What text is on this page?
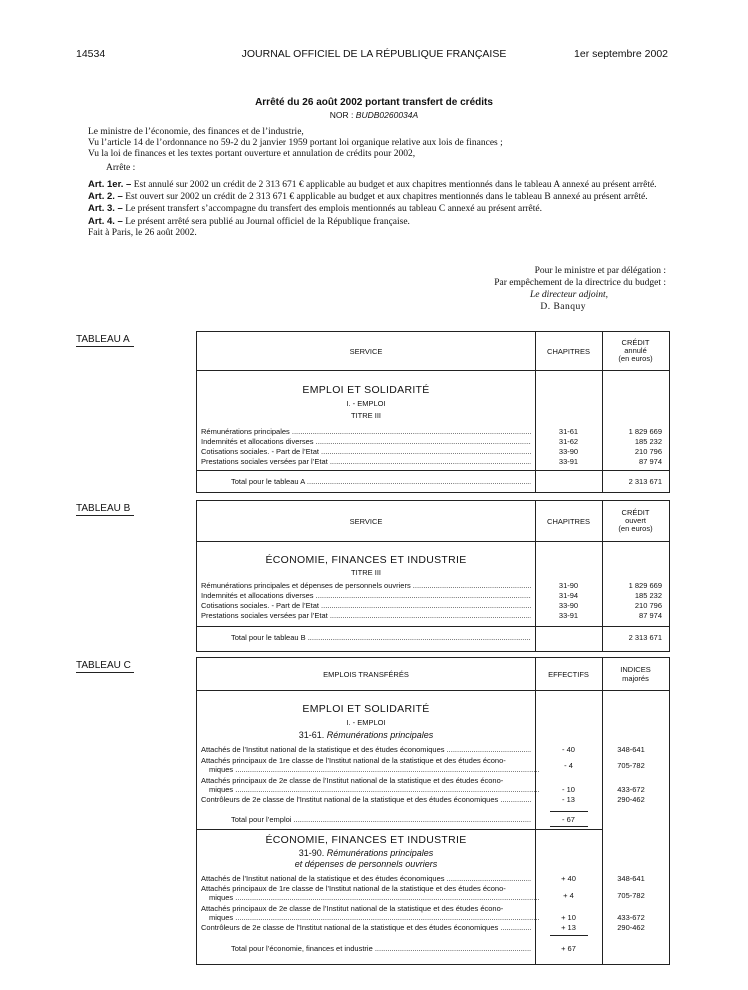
14534	JOURNAL OFFICIEL DE LA RÉPUBLIQUE FRANÇAISE	1er septembre 2002
Arrêté du 26 août 2002 portant transfert de crédits
NOR : BUDB0260034A
Le ministre de l’économie, des finances et de l’industrie,
Vu l’article 14 de l’ordonnance no 59-2 du 2 janvier 1959 portant loi organique relative aux lois de finances ;
Vu la loi de finances et les textes portant ouverture et annulation de crédits pour 2002,
Arrête :
Art. 1er. – Est annulé sur 2002 un crédit de 2 313 671 € applicable au budget et aux chapitres mentionnés dans le tableau A annexé au présent arrêté.
Art. 2. – Est ouvert sur 2002 un crédit de 2 313 671 € applicable au budget et aux chapitres mentionnés dans le tableau B annexé au présent arrêté.
Art. 3. – Le présent transfert s’accompagne du transfert des emplois mentionnés au tableau C annexé au présent arrêté.
Art. 4. – Le présent arrêté sera publié au Journal officiel de la République française.
Fait à Paris, le 26 août 2002.
Pour le ministre et par délégation :
Par empêchement de la directrice du budget :
Le directeur adjoint,
D. Banquy
TABLEAU A
SERVICE	CHAPITRES
CRÉDIT
annulé
(en euros)
EMPLOI ET SOLIDARITÉ
I. - EMPLOI
TITRE III
Rémunérations principales .....	31-61	1 829 669
Indemnités et allocations diverses .....	31-62	185 232
Cotisations sociales. - Part de l’Etat .....	33-90	210 796
Prestations sociales versées par l’Etat .....	33-91	87 974
Total pour le tableau A .....	2 313 671
TABLEAU B
SERVICE	CHAPITRES
CRÉDIT
ouvert
(en euros)
ÉCONOMIE, FINANCES ET INDUSTRIE
TITRE III
Rémunérations principales et dépenses de personnels ouvriers .....	31-90	1 829 669
Indemnités et allocations diverses .....	31-94	185 232
Cotisations sociales. - Part de l’Etat .....	33-90	210 796
Prestations sociales versées par l’Etat .....	33-91	87 974
Total pour le tableau B .....	2 313 671
TABLEAU C
EMPLOIS TRANSFÉRÉS	EFFECTIFS
INDICES
majorés
EMPLOI ET SOLIDARITÉ
I. - EMPLOI
31-61. Rémunérations principales
Attachés de l’Institut national de la statistique et des études économiques .....	- 40	348-641
Attachés principaux de 1re classe de l’Institut national de la statistique et des études écono-
miques .....	- 4	705-782
Attachés principaux de 2e classe de l’Institut national de la statistique et des études écono-
miques .....	- 10	433-672
Contrôleurs de 2e classe de l’Institut national de la statistique et des études économiques .....	- 13	290-462
Total pour l’emploi .....	- 67
ÉCONOMIE, FINANCES ET INDUSTRIE
31-90. Rémunérations principales
et dépenses de personnels ouvriers
Attachés de l’Institut national de la statistique et des études économiques .....	+ 40	348-641
Attachés principaux de 1re classe de l’Institut national de la statistique et des études écono-
miques .....	+ 4	705-782
Attachés principaux de 2e classe de l’Institut national de la statistique et des études écono-
miques .....	+ 10	433-672
Contrôleurs de 2e classe de l’Institut national de la statistique et des études économiques .....	+ 13	290-462
Total pour l’économie, finances et industrie .....	+ 67
